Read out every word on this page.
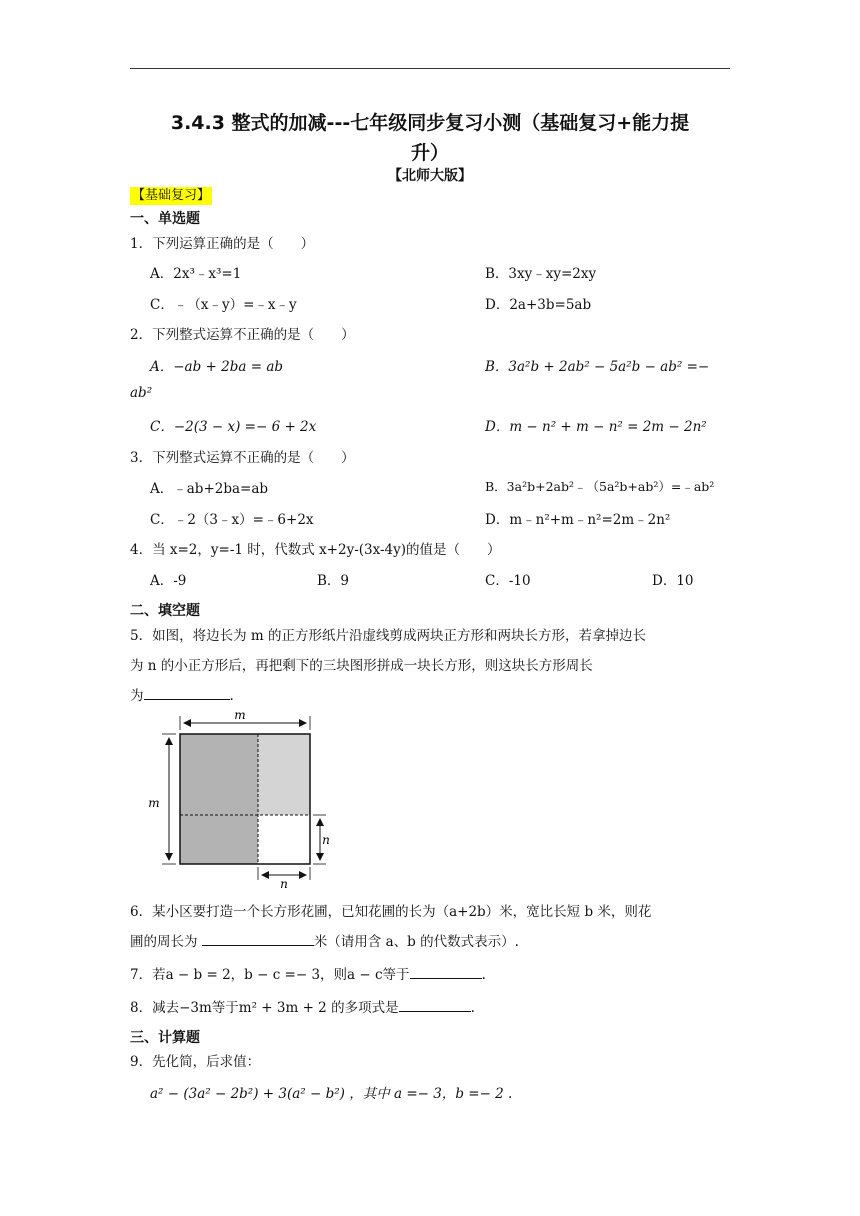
3.4.3 整式的加减---七年级同步复习小测（基础复习+能力提
升）
【北师大版】
【基础复习】
一、单选题
1．下列运算正确的是（　　）
A．2x³﹣x³=1	B．3xy﹣xy=2xy
C．﹣（x﹣y）=﹣x﹣y	D．2a+3b=5ab
2．下列整式运算不正确的是（　　）
A．−ab + 2ba = ab	B．3a²b + 2ab² − 5a²b − ab² =−
ab²
C．−2(3 − x) =− 6 + 2x	D．m − n² + m − n² = 2m − 2n²
3．下列整式运算不正确的是（　　）
A．﹣ab+2ba=ab	B．3a²b+2ab²﹣（5a²b+ab²）=﹣ab²
C．﹣2（3﹣x）=﹣6+2x	D．m﹣n²+m﹣n²=2m﹣2n²
4．当 x=2，y=-1 时，代数式 x+2y-(3x-4y)的值是（　　）
A．-9	B．9	C．-10	D．10
二、填空题
5．如图，将边长为 m 的正方形纸片沿虚线剪成两块正方形和两块长方形，若拿掉边长
为 n 的小正方形后，再把剩下的三块图形拼成一块长方形，则这块长方形周长
为	.
m
m
n
n
6．某小区要打造一个长方形花圃，已知花圃的长为（a+2b）米，宽比长短 b 米，则花
圃的周长为	米（请用含 a、b 的代数式表示）.
7．若a − b = 2，b − c =− 3，则a − c等于	.
8．减去−3m等于m² + 3m + 2 的多项式是	.
三、计算题
9．先化简，后求值：
a² − (3a² − 2b²) + 3(a² − b²) ，其中 a =− 3，b =− 2 .
